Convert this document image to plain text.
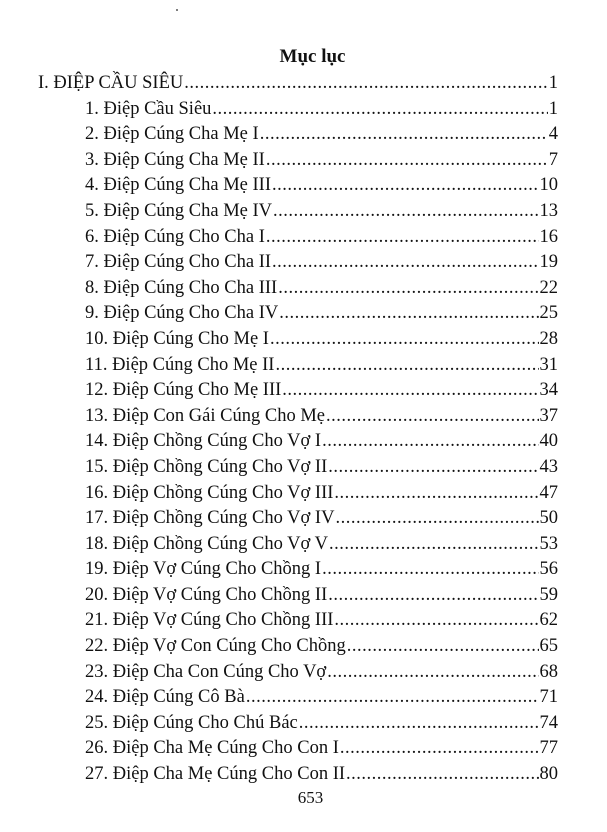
Mục lục
I. ĐIỆP CẦU SIÊU .....	1
1. Điệp Cầu Siêu .....	1
2. Điệp Cúng Cha Mẹ I .....	4
3. Điệp Cúng Cha Mẹ II .....	7
4. Điệp Cúng Cha Mẹ III .....	10
5. Điệp Cúng Cha Mẹ IV .....	13
6. Điệp Cúng Cho Cha I .....	16
7. Điệp Cúng Cho Cha II .....	19
8. Điệp Cúng Cho Cha III .....	22
9. Điệp Cúng Cho Cha IV .....	25
10. Điệp Cúng Cho Mẹ I .....	28
11. Điệp Cúng Cho Mẹ II .....	31
12. Điệp Cúng Cho Mẹ III .....	34
13. Điệp Con Gái Cúng Cho Mẹ .....	37
14. Điệp Chồng Cúng Cho Vợ I .....	40
15. Điệp Chồng Cúng Cho Vợ II .....	43
16. Điệp Chồng Cúng Cho Vợ III .....	47
17. Điệp Chồng Cúng Cho Vợ IV .....	50
18. Điệp Chồng Cúng Cho Vợ V .....	53
19. Điệp Vợ Cúng Cho Chồng I .....	56
20. Điệp Vợ Cúng Cho Chồng II .....	59
21. Điệp Vợ Cúng Cho Chồng III .....	62
22. Điệp Vợ Con Cúng Cho Chồng .....	65
23. Điệp Cha Con Cúng Cho Vợ .....	68
24. Điệp Cúng Cô Bà .....	71
25. Điệp Cúng Cho Chú Bác .....	74
26. Điệp Cha Mẹ Cúng Cho Con I .....	77
27. Điệp Cha Mẹ Cúng Cho Con II .....	80
653
